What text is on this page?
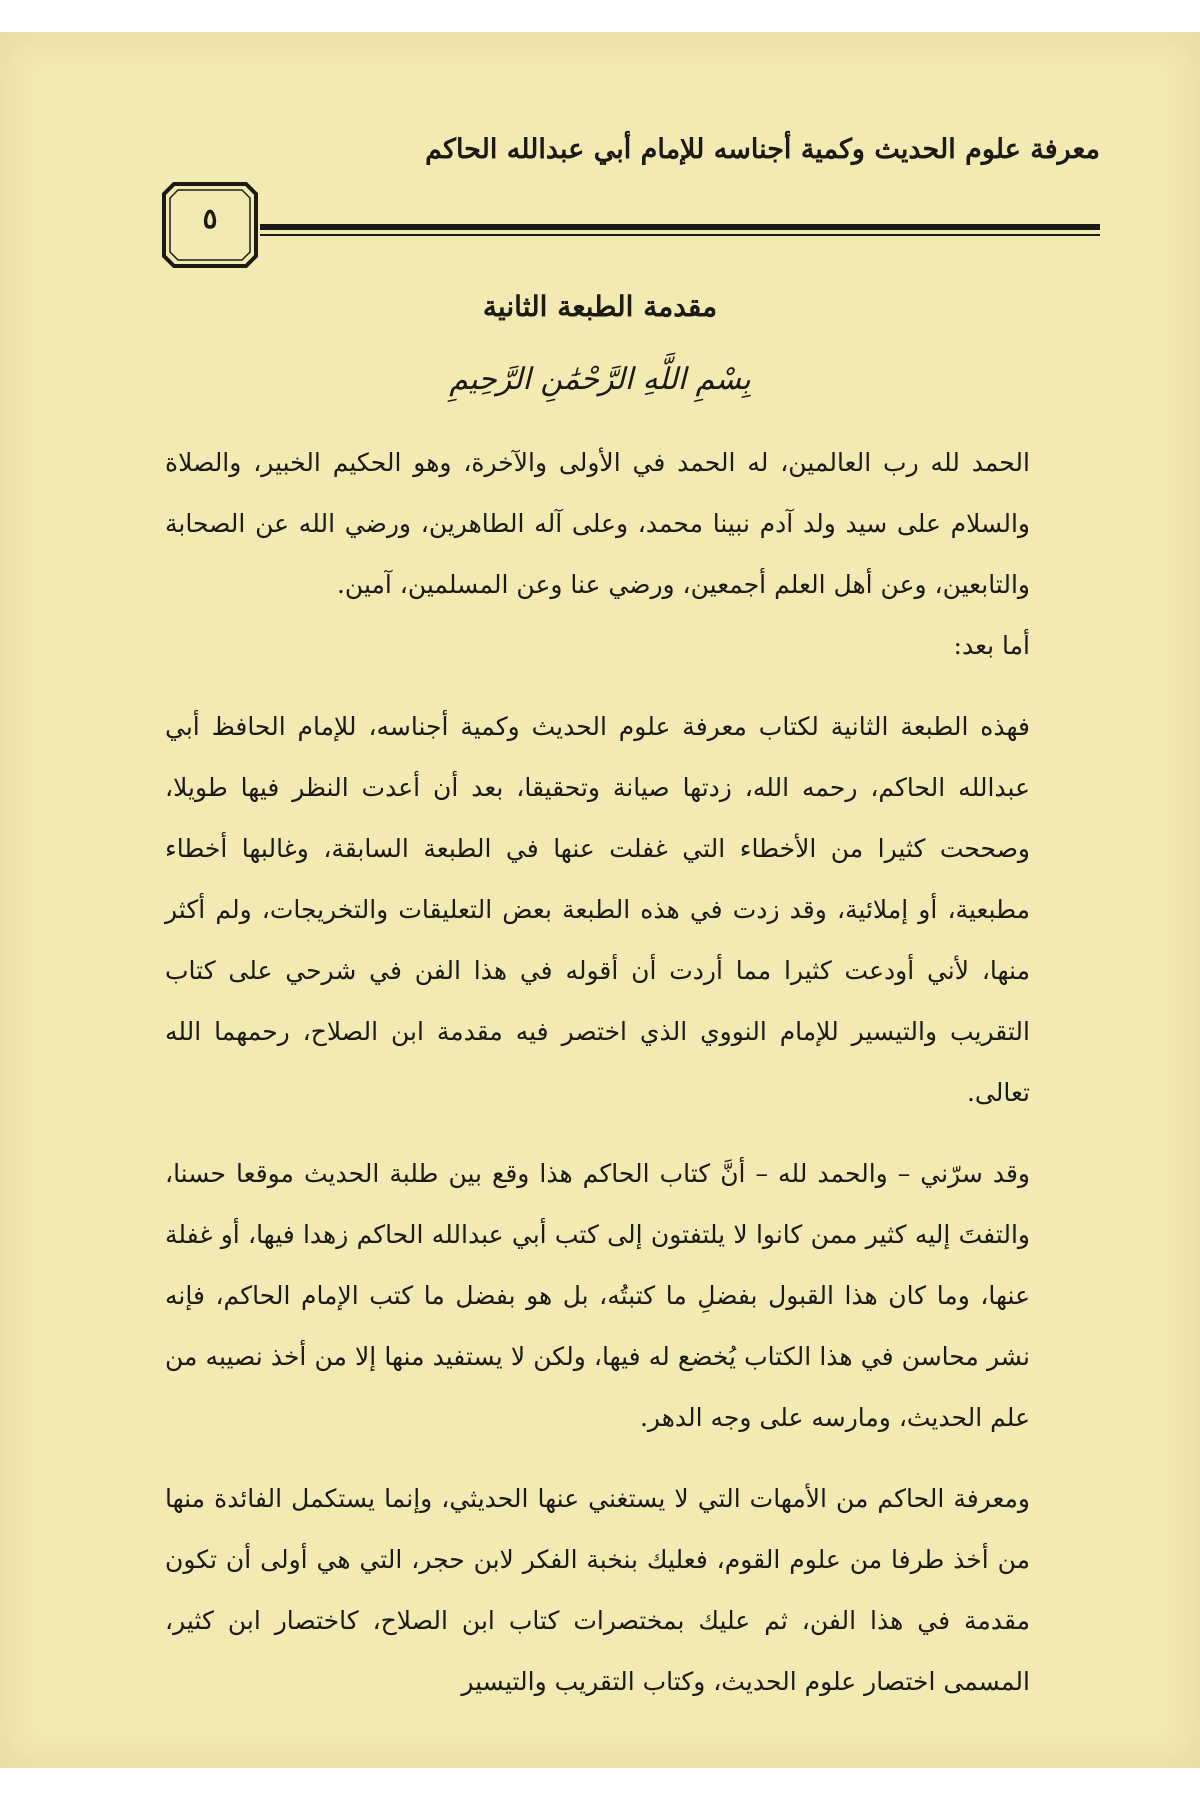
معرفة علوم الحديث وكمية أجناسه للإمام أبي عبدالله الحاكم
٥
مقدمة الطبعة الثانية
بِسْمِ اللَّهِ الرَّحْمَٰنِ الرَّحِيمِ

الحمد لله رب العالمين، له الحمد في الأولى والآخرة، وهو الحكيم الخبير، والصلاة والسلام على سيد ولد آدم نبينا محمد، وعلى آله الطاهرين، ورضي الله عن الصحابة والتابعين، وعن أهل العلم أجمعين، ورضي عنا وعن المسلمين، آمين.

أما بعد:

فهذه الطبعة الثانية لكتاب معرفة علوم الحديث وكمية أجناسه، للإمام الحافظ أبي عبدالله الحاكم، رحمه الله، زدتها صيانة وتحقيقا، بعد أن أعدت النظر فيها طويلا، وصححت كثيرا من الأخطاء التي غفلت عنها في الطبعة السابقة، وغالبها أخطاء مطبعية، أو إملائية، وقد زدت في هذه الطبعة بعض التعليقات والتخريجات، ولم أكثر منها، لأني أودعت كثيرا مما أردت أن أقوله في هذا الفن في شرحي على كتاب التقريب والتيسير للإمام النووي الذي اختصر فيه مقدمة ابن الصلاح، رحمهما الله تعالى.

وقد سرّني – والحمد لله – أنَّ كتاب الحاكم هذا وقع بين طلبة الحديث موقعا حسنا، والتفتَ إليه كثير ممن كانوا لا يلتفتون إلى كتب أبي عبدالله الحاكم زهدا فيها، أو غفلة عنها، وما كان هذا القبول بفضلِ ما كتبتُه، بل هو بفضل ما كتب الإمام الحاكم، فإنه نشر محاسن في هذا الكتاب يُخضع له فيها، ولكن لا يستفيد منها إلا من أخذ نصيبه من علم الحديث، ومارسه على وجه الدهر.

ومعرفة الحاكم من الأمهات التي لا يستغني عنها الحديثي، وإنما يستكمل الفائدة منها من أخذ طرفا من علوم القوم، فعليك بنخبة الفكر لابن حجر، التي هي أولى أن تكون مقدمة في هذا الفن، ثم عليك بمختصرات كتاب ابن الصلاح، كاختصار ابن كثير، المسمى اختصار علوم الحديث، وكتاب التقريب والتيسير
